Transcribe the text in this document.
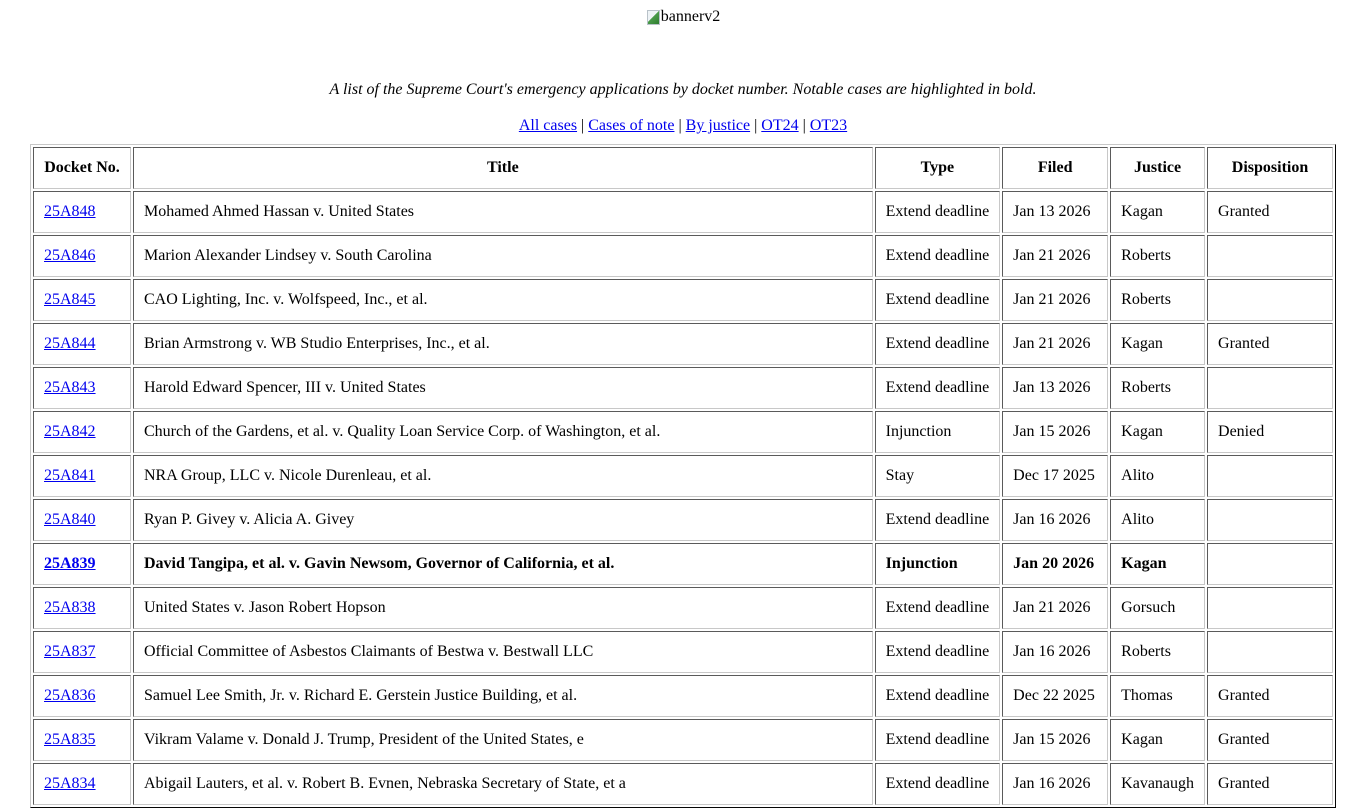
bannerv2
A list of the Supreme Court's emergency applications by docket number. Notable cases are highlighted in bold.
All cases | Cases of note | By justice | OT24 | OT23
Docket No.	Title	Type	Filed	Justice	Disposition
25A848	Mohamed Ahmed Hassan v. United States	Extend deadline	Jan 13 2026	Kagan	Granted
25A846	Marion Alexander Lindsey v. South Carolina	Extend deadline	Jan 21 2026	Roberts	
25A845	CAO Lighting, Inc. v. Wolfspeed, Inc., et al.	Extend deadline	Jan 21 2026	Roberts	
25A844	Brian Armstrong v. WB Studio Enterprises, Inc., et al.	Extend deadline	Jan 21 2026	Kagan	Granted
25A843	Harold Edward Spencer, III v. United States	Extend deadline	Jan 13 2026	Roberts	
25A842	Church of the Gardens, et al. v. Quality Loan Service Corp. of Washington, et al.	Injunction	Jan 15 2026	Kagan	Denied
25A841	NRA Group, LLC v. Nicole Durenleau, et al.	Stay	Dec 17 2025	Alito	
25A840	Ryan P. Givey v. Alicia A. Givey	Extend deadline	Jan 16 2026	Alito	
25A839	David Tangipa, et al. v. Gavin Newsom, Governor of California, et al.	Injunction	Jan 20 2026	Kagan	
25A838	United States v. Jason Robert Hopson	Extend deadline	Jan 21 2026	Gorsuch	
25A837	Official Committee of Asbestos Claimants of Bestwa v. Bestwall LLC	Extend deadline	Jan 16 2026	Roberts	
25A836	Samuel Lee Smith, Jr. v. Richard E. Gerstein Justice Building, et al.	Extend deadline	Dec 22 2025	Thomas	Granted
25A835	Vikram Valame v. Donald J. Trump, President of the United States, e	Extend deadline	Jan 15 2026	Kagan	Granted
25A834	Abigail Lauters, et al. v. Robert B. Evnen, Nebraska Secretary of State, et a	Extend deadline	Jan 16 2026	Kavanaugh	Granted
